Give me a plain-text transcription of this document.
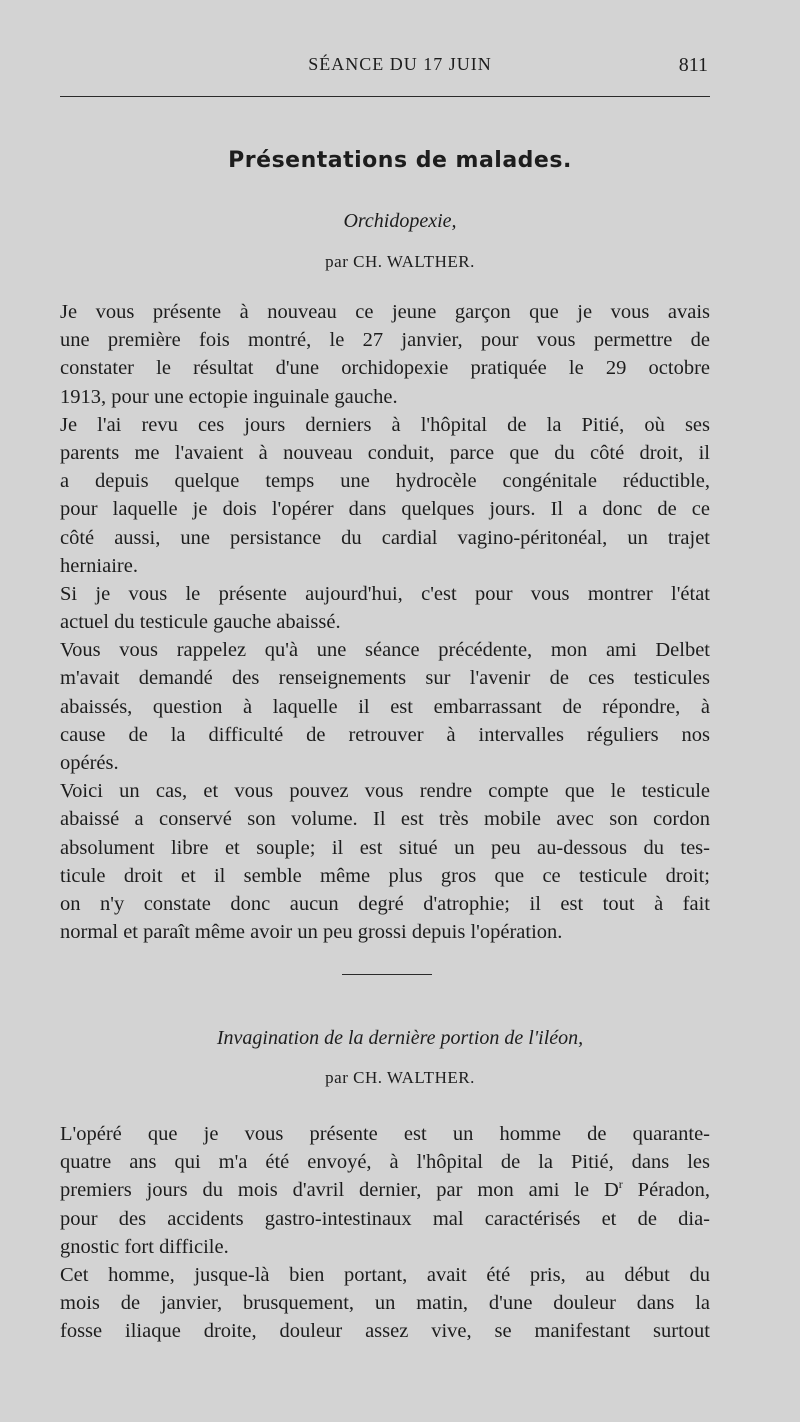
SÉANCE DU 17 JUIN	811
Présentations de malades.
Orchidopexie,
par CH. WALTHER.
Je vous présente à nouveau ce jeune garçon que je vous avais
une première fois montré, le 27 janvier, pour vous permettre de
constater le résultat d'une orchidopexie pratiquée le 29 octobre
1913, pour une ectopie inguinale gauche.
Je l'ai revu ces jours derniers à l'hôpital de la Pitié, où ses
parents me l'avaient à nouveau conduit, parce que du côté droit, il
a depuis quelque temps une hydrocèle congénitale réductible,
pour laquelle je dois l'opérer dans quelques jours. Il a donc de ce
côté aussi, une persistance du cardial vagino-péritonéal, un trajet
herniaire.
Si je vous le présente aujourd'hui, c'est pour vous montrer l'état
actuel du testicule gauche abaissé.
Vous vous rappelez qu'à une séance précédente, mon ami Delbet
m'avait demandé des renseignements sur l'avenir de ces testicules
abaissés, question à laquelle il est embarrassant de répondre, à
cause de la difficulté de retrouver à intervalles réguliers nos
opérés.
Voici un cas, et vous pouvez vous rendre compte que le testicule
abaissé a conservé son volume. Il est très mobile avec son cordon
absolument libre et souple; il est situé un peu au-dessous du tes-
ticule droit et il semble même plus gros que ce testicule droit;
on n'y constate donc aucun degré d'atrophie; il est tout à fait
normal et paraît même avoir un peu grossi depuis l'opération.
Invagination de la dernière portion de l'iléon,
par CH. WALTHER.
L'opéré que je vous présente est un homme de quarante-
quatre ans qui m'a été envoyé, à l'hôpital de la Pitié, dans les
premiers jours du mois d'avril dernier, par mon ami le $D^r$ Péradon,
pour des accidents gastro-intestinaux mal caractérisés et de dia-
gnostic fort difficile.
Cet homme, jusque-là bien portant, avait été pris, au début du
mois de janvier, brusquement, un matin, d'une douleur dans la
fosse iliaque droite, douleur assez vive, se manifestant surtout
